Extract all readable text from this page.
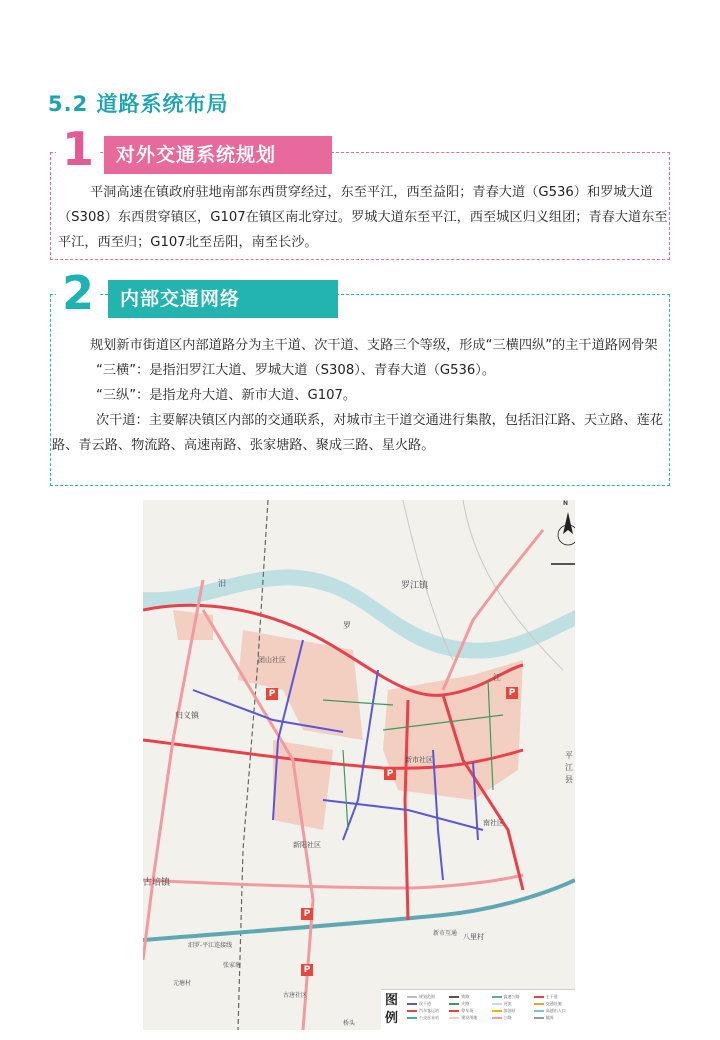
5.2 道路系统布局
1	对外交通系统规划
平洞高速在镇政府驻地南部东西贯穿经过，东至平江，西至益阳；青春大道（G536）和罗城大道（S308）东西贯穿镇区，G107在镇区南北穿过。罗城大道东至平江，西至城区归义组团；青春大道东至平江，西至归；G107北至岳阳，南至长沙。
2	内部交通网络
规划新市街道区内部道路分为主干道、次干道、支路三个等级，形成“三横四纵”的主干道路网骨架
“三横”：是指汨罗江大道、罗城大道（S308）、青春大道（G536）。
“三纵”：是指龙舟大道、新市大道、G107。
次干道：主要解决镇区内部的交通联系，对城市主干道交通进行集散，包括汨江路、天立路、莲花路、青云路、物流路、高速南路、张家塘路、聚成三路、星火路。
N
罗江镇
归义镇
古培镇
汨
罗
江
平
江
县
团山社区
新市社区
南社区
新阳社区
八里村
新市互通
汨罗-平江连接线
古唐社区
张家塘
元塘村
桥头
P
P
P
P
P
图例
规划范围	铁路	高速公路	主干道
次干道	支路	河流	交通设施
汽车客运站	停车场	加油站	高速出入口
公交首末站	建设用地	公路	镇界
